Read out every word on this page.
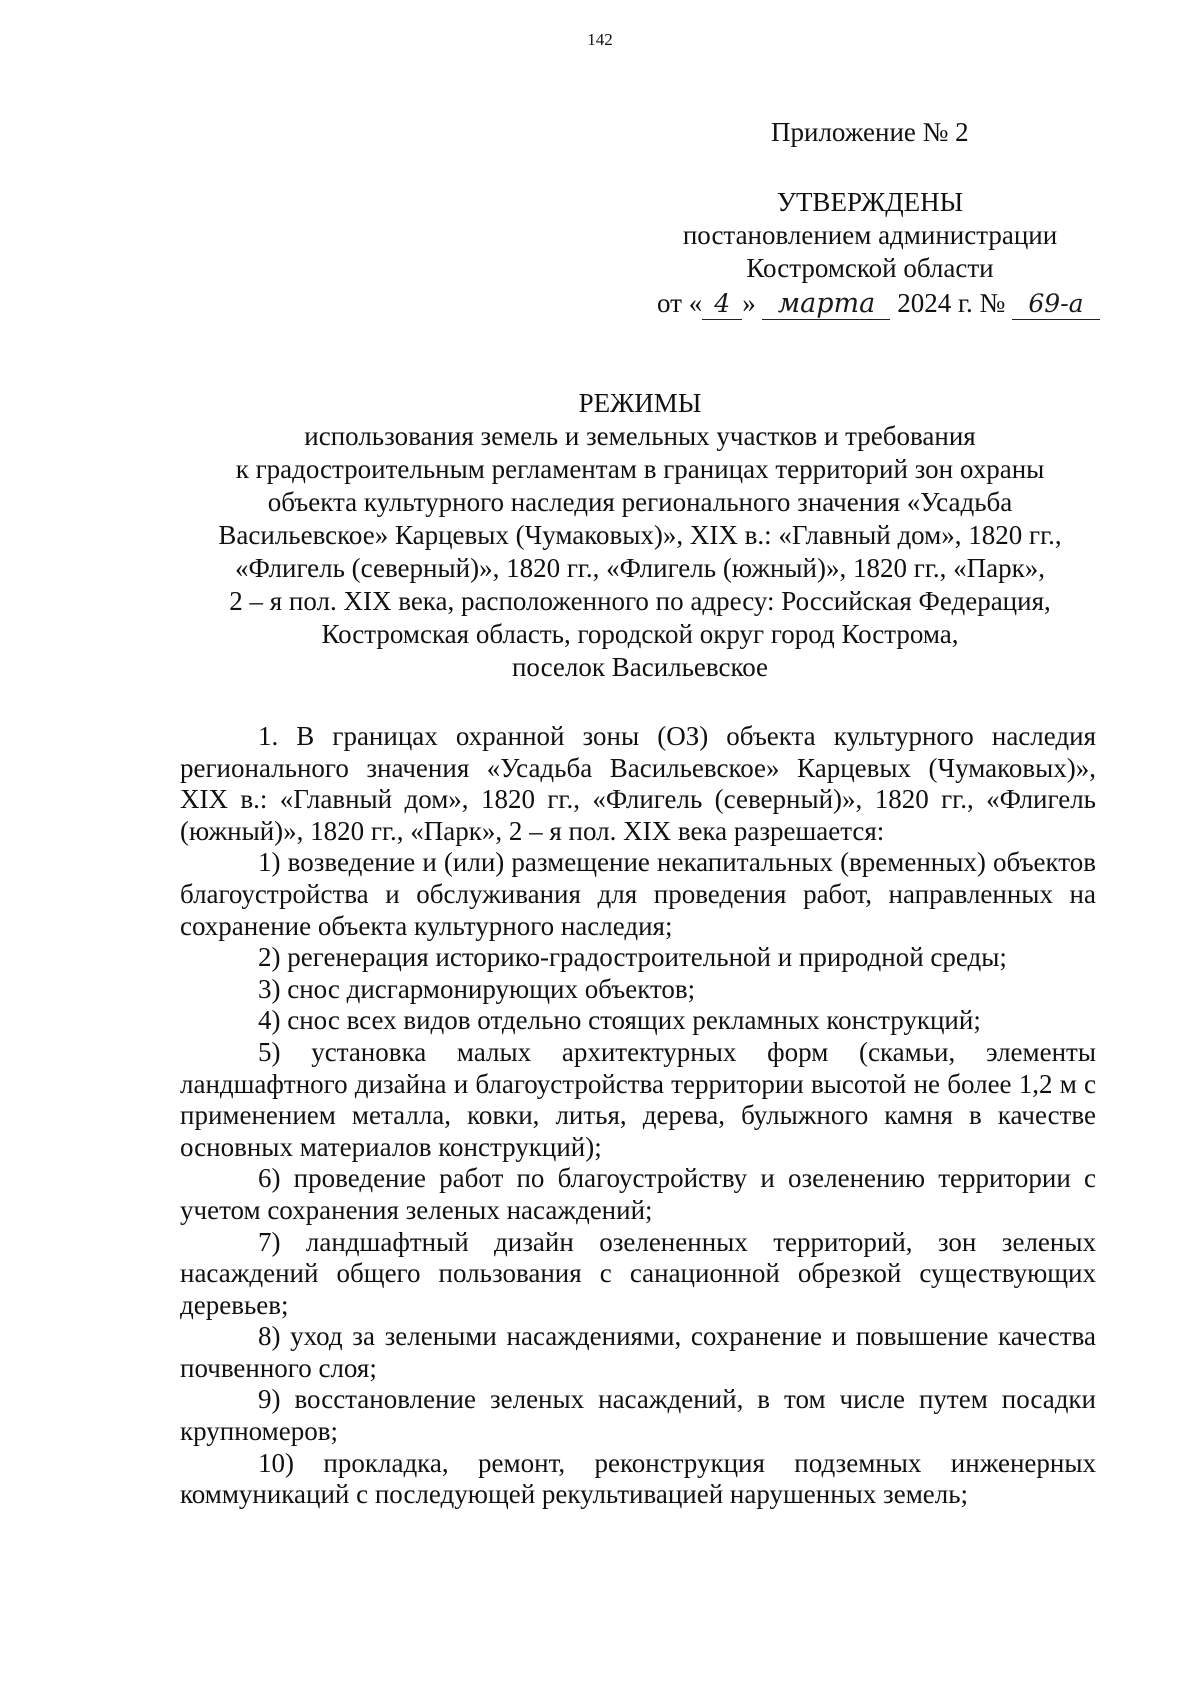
142
Приложение № 2
УТВЕРЖДЕНЫ
постановлением администрации
Костромской области
от « 4 » марта 2024 г. № 69-а
РЕЖИМЫ
использования земель и земельных участков и требования
к градостроительным регламентам в границах территорий зон охраны
объекта культурного наследия регионального значения «Усадьба
Васильевское» Карцевых (Чумаковых)», XIX в.: «Главный дом», 1820 гг.,
«Флигель (северный)», 1820 гг., «Флигель (южный)», 1820 гг., «Парк»,
2 – я пол. XIX века, расположенного по адресу: Российская Федерация,
Костромская область, городской округ город Кострома,
поселок Васильевское

1. В границах охранной зоны (ОЗ) объекта культурного наследия регионального значения «Усадьба Васильевское» Карцевых (Чумаковых)», XIX в.: «Главный дом», 1820 гг., «Флигель (северный)», 1820 гг., «Флигель (южный)», 1820 гг., «Парк», 2 – я пол. XIX века разрешается:

1) возведение и (или) размещение некапитальных (временных) объектов благоустройства и обслуживания для проведения работ, направленных на сохранение объекта культурного наследия;

2) регенерация историко-градостроительной и природной среды;

3) снос дисгармонирующих объектов;

4) снос всех видов отдельно стоящих рекламных конструкций;

5) установка малых архитектурных форм (скамьи, элементы ландшафтного дизайна и благоустройства территории высотой не более 1,2 м с применением металла, ковки, литья, дерева, булыжного камня в качестве основных материалов конструкций);

6) проведение работ по благоустройству и озеленению территории с учетом сохранения зеленых насаждений;

7) ландшафтный дизайн озелененных территорий, зон зеленых насаждений общего пользования с санационной обрезкой существующих деревьев;

8) уход за зелеными насаждениями, сохранение и повышение качества почвенного слоя;

9) восстановление зеленых насаждений, в том числе путем посадки крупномеров;

10) прокладка, ремонт, реконструкция подземных инженерных коммуникаций с последующей рекультивацией нарушенных земель;
